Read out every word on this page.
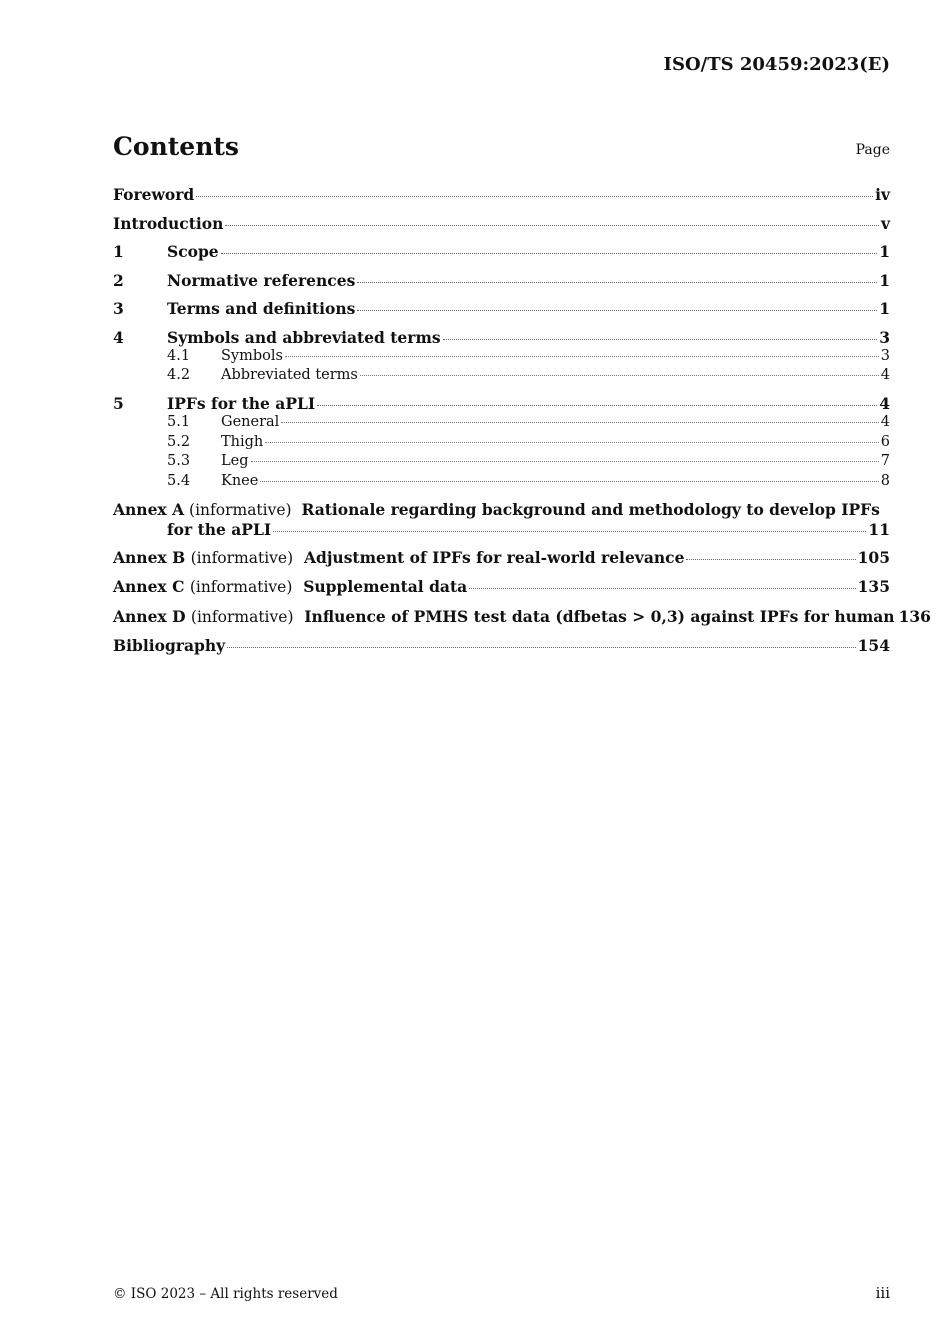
ISO/TS 20459:2023(E)
Contents	Page
Foreword	iv
Introduction	v
1	Scope	1
2	Normative references	1
3	Terms and definitions	1
4	Symbols and abbreviated terms	3
4.1	Symbols	3
4.2	Abbreviated terms	4
5	IPFs for the aPLI	4
5.1	General	4
5.2	Thigh	6
5.3	Leg	7
5.4	Knee	8
Annex A (informative) Rationale regarding background and methodology to develop IPFs
for the aPLI	11
Annex B (informative) Adjustment of IPFs for real-world relevance	105
Annex C (informative) Supplemental data	135
Annex D (informative) Influence of PMHS test data (dfbetas > 0,3) against IPFs for human 136
Bibliography	154
© ISO 2023 – All rights reserved	iii
